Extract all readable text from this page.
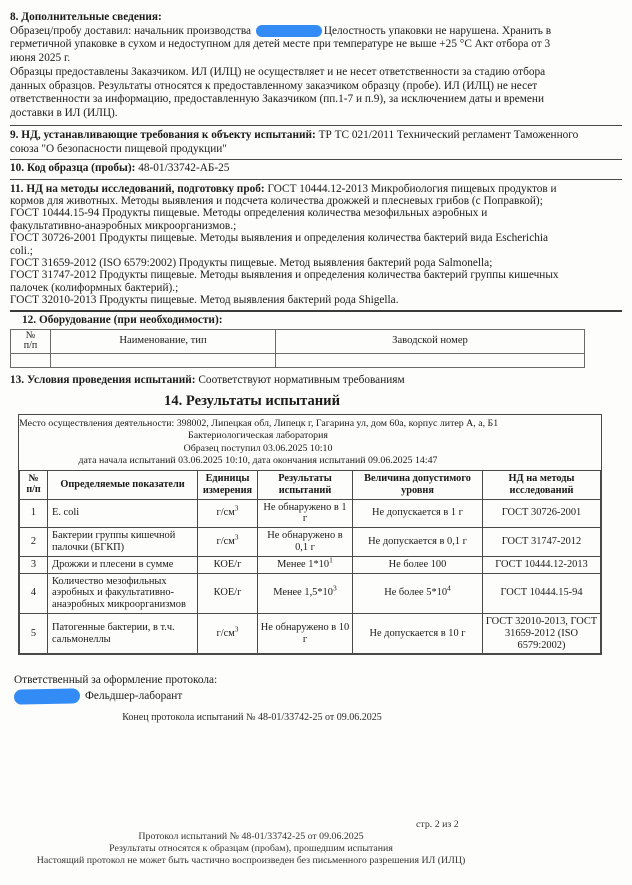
8. Дополнительные сведения:
Образец/пробу доставил: начальник производства	Целостность упаковки не нарушена. Хранить в
герметичной упаковке в сухом и недоступном для детей месте при температуре не выше +25 °C Акт отбора от 3
июня 2025 г.
Образцы предоставлены Заказчиком. ИЛ (ИЛЦ) не осуществляет и не несет ответственности за стадию отбора
данных образцов. Результаты относятся к предоставленному заказчиком образцу (пробе). ИЛ (ИЛЦ) не несет
ответственности за информацию, предоставленную Заказчиком (пп.1-7 и п.9), за исключением даты и времени
доставки в ИЛ (ИЛЦ).
9. НД, устанавливающие требования к объекту испытаний: ТР ТС 021/2011 Технический регламент Таможенного
союза "О безопасности пищевой продукции"
10. Код образца (пробы): 48-01/33742-АБ-25
11. НД на методы исследований, подготовку проб: ГОСТ 10444.12-2013 Микробиология пищевых продуктов и
кормов для животных. Методы выявления и подсчета количества дрожжей и плесневых грибов (с Поправкой);
ГОСТ 10444.15-94 Продукты пищевые. Методы определения количества мезофильных аэробных и
факультативно-анаэробных микроорганизмов.;
ГОСТ 30726-2001 Продукты пищевые. Методы выявления и определения количества бактерий вида Escherichia
coli.;
ГОСТ 31659-2012 (ISO 6579:2002) Продукты пищевые. Метод выявления бактерий рода Salmonella;
ГОСТ 31747-2012 Продукты пищевые. Методы выявления и определения количества бактерий группы кишечных
палочек (колиформных бактерий).;
ГОСТ 32010-2013 Продукты пищевые. Метод выявления бактерий рода Shigella.
12. Оборудование (при необходимости):
№
п/п	Наименование, тип	Заводской номер

13. Условия проведения испытаний: Соответствуют нормативным требованиям
14. Результаты испытаний
Место осуществления деятельности: 398002, Липецкая обл, Липецк г, Гагарина ул, дом 60а, корпус литер А, а, Б1
Бактериологическая лаборатория
Образец поступил 03.06.2025 10:10
дата начала испытаний 03.06.2025 10:10, дата окончания испытаний 09.06.2025 14:47
№
п/п	Определяемые показатели	Единицы измерения	Результаты испытаний	Величина допустимого уровня	НД на методы исследований
1	E. coli	$г/см^3$	Не обнаружено в 1 г	Не допускается в 1 г	ГОСТ 30726-2001
2	Бактерии группы кишечной палочки (БГКП)	$г/см^3$	Не обнаружено в 0,1 г	Не допускается в 0,1 г	ГОСТ 31747-2012
3	Дрожжи и плесени в сумме	КОЕ/г	Менее $1*10^1$	Не более 100	ГОСТ 10444.12-2013
4	Количество мезофильных аэробных и факультативно-анаэробных микроорганизмов	КОЕ/г	Менее $1,5*10^3$	Не более $5*10^4$	ГОСТ 10444.15-94
5	Патогенные бактерии, в т.ч. сальмонеллы	$г/см^3$	Не обнаружено в 10 г	Не допускается в 10 г	ГОСТ 32010-2013, ГОСТ 31659-2012 (ISO 6579:2002)
Ответственный за оформление протокола:
Фельдшер-лаборант
Конец протокола испытаний № 48-01/33742-25 от 09.06.2025
стр. 2 из 2
Протокол испытаний № 48-01/33742-25 от 09.06.2025
Результаты относятся к образцам (пробам), прошедшим испытания
Настоящий протокол не может быть частично воспроизведен без письменного разрешения ИЛ (ИЛЦ)
